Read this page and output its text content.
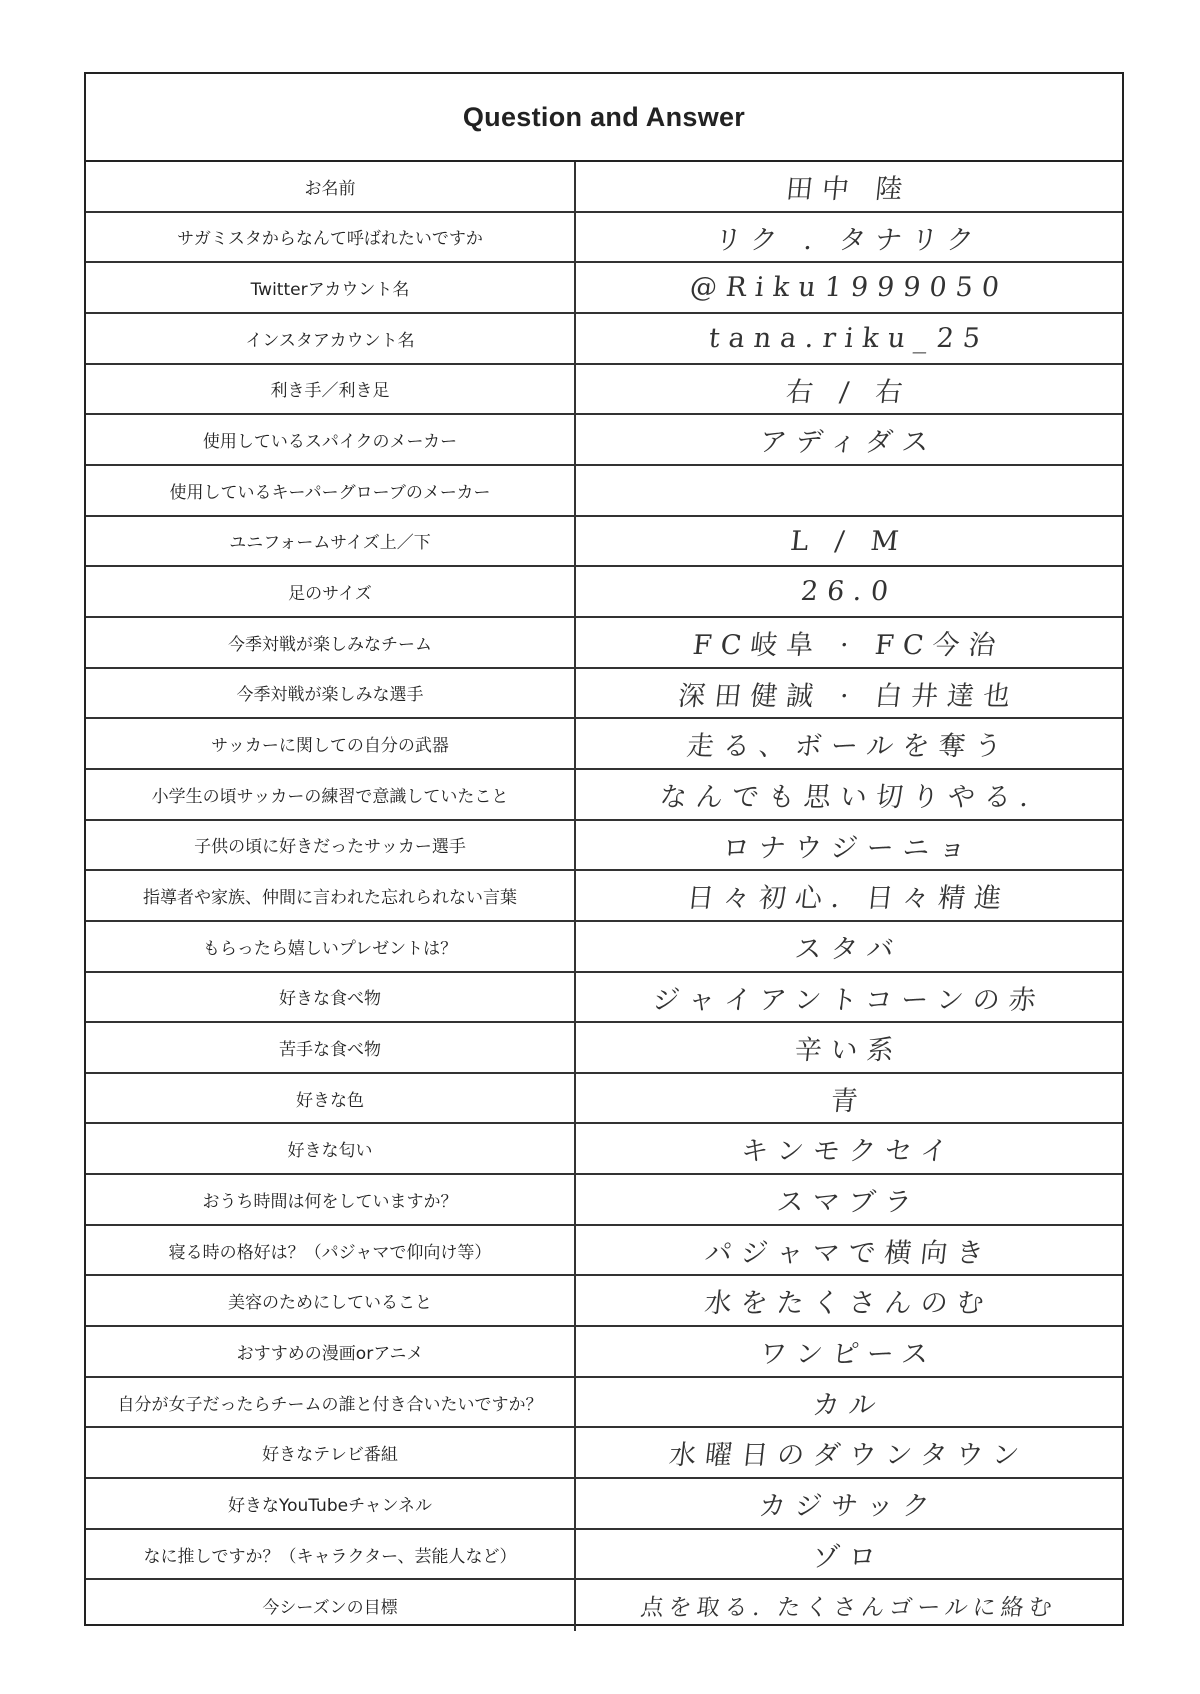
Question and Answer
お名前	田中 陸
サガミスタからなんて呼ばれたいですか	リク . タナリク
Twitterアカウント名	@Riku1999050
インスタアカウント名	tana.riku_25
利き手／利き足	右 / 右
使用しているスパイクのメーカー	アディダス
使用しているキーパーグローブのメーカー
ユニフォームサイズ上／下	L / M
足のサイズ	26.0
今季対戦が楽しみなチーム	FC岐阜 · FC今治
今季対戦が楽しみな選手	深田健誠 · 白井達也
サッカーに関しての自分の武器	走る、ボールを奪う
小学生の頃サッカーの練習で意識していたこと	なんでも思い切りやる.
子供の頃に好きだったサッカー選手	ロナウジーニョ
指導者や家族、仲間に言われた忘れられない言葉	日々初心. 日々精進
もらったら嬉しいプレゼントは？	スタバ
好きな食べ物	ジャイアントコーンの赤
苦手な食べ物	辛い系
好きな色	青
好きな匂い	キンモクセイ
おうち時間は何をしていますか？	スマブラ
寝る時の格好は？（パジャマで仰向け等）	パジャマで横向き
美容のためにしていること	水をたくさんのむ
おすすめの漫画orアニメ	ワンピース
自分が女子だったらチームの誰と付き合いたいですか？	カル
好きなテレビ番組	水曜日のダウンタウン
好きなYouTubeチャンネル	カジサック
なに推しですか？（キャラクター、芸能人など）	ゾロ
今シーズンの目標	点を取る. たくさんゴールに絡む
